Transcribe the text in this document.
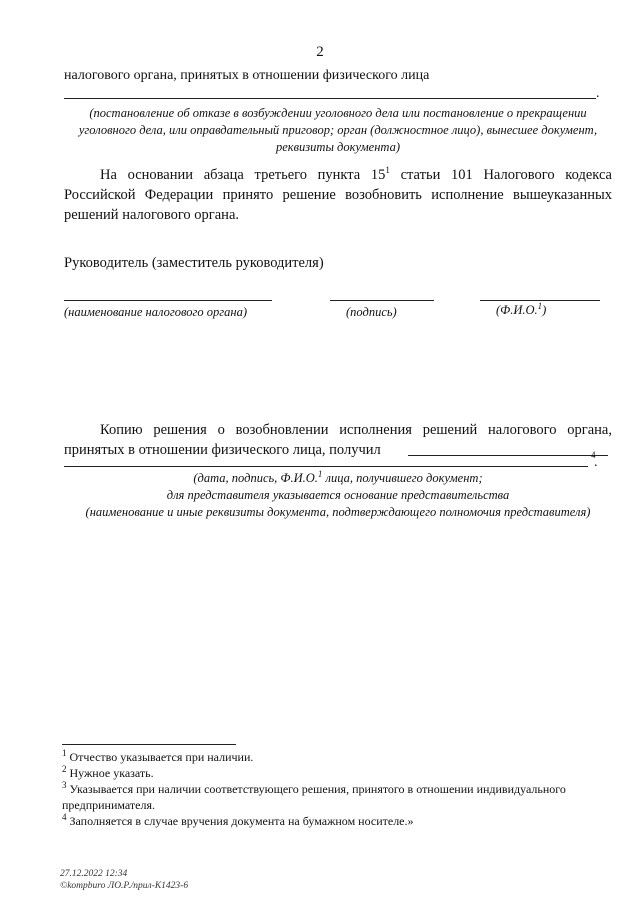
2
налогового органа, принятых в отношении физического лица
.
(постановление об отказе в возбуждении уголовного дела или постановление о прекращении уголовного дела, или оправдательный приговор; орган (должностное лицо), вынесшее документ, реквизиты документа)
На основании абзаца третьего пункта $15^1$ статьи 101 Налогового кодекса Российской Федерации принято решение возобновить исполнение вышеуказанных решений налогового органа.
Руководитель (заместитель руководителя)
(наименование налогового органа)	(подпись)	(Ф.И.О.$^1$)
Копию решения о возобновлении исполнения решений налогового органа, принятых в отношении физического лица, получил	4
.
(дата, подпись, Ф.И.О.$^1$ лица, получившего документ;
для представителя указывается основание представительства
(наименование и иные реквизиты документа, подтверждающего полномочия представителя)
$^1$ Отчество указывается при наличии.
$^2$ Нужное указать.
$^3$ Указывается при наличии соответствующего решения, принятого в отношении индивидуального предпринимателя.
$^4$ Заполняется в случае вручения документа на бумажном носителе.»
27.12.2022 12:34
©kompburo ЛО.Р./прил-К1423-6
